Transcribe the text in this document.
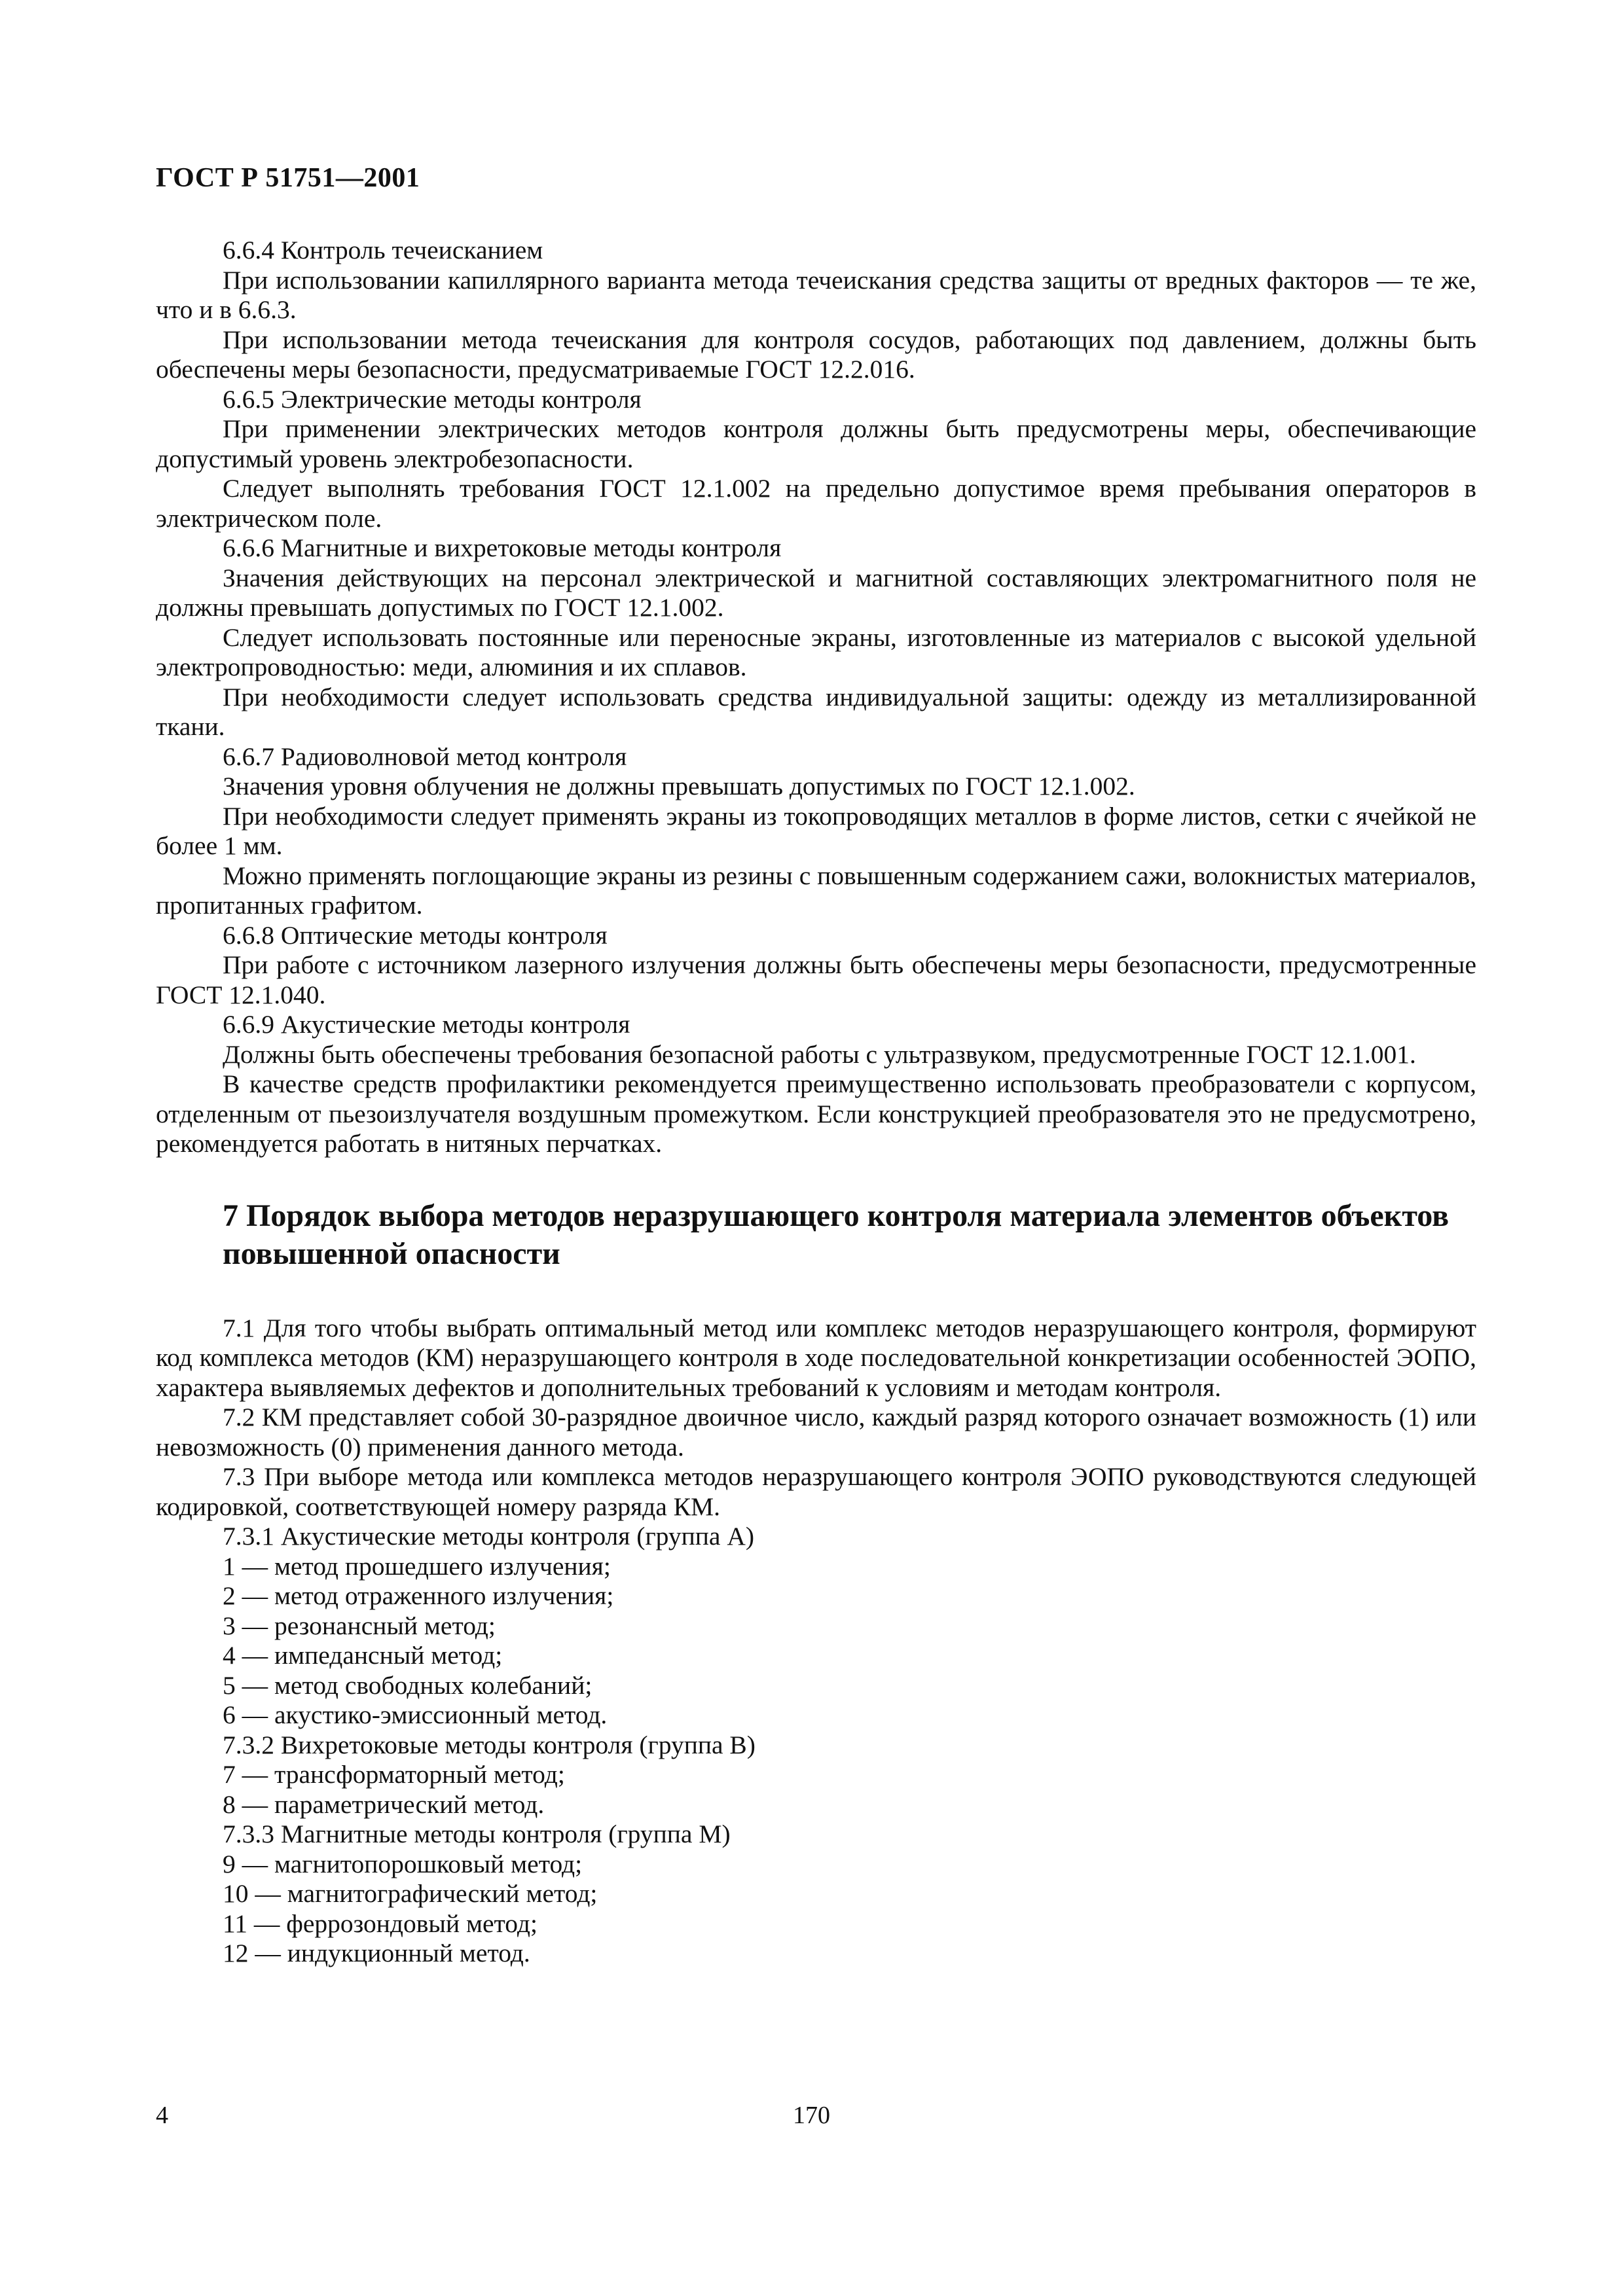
ГОСТ Р 51751—2001

6.6.4 Контроль течеисканием

При использовании капиллярного варианта метода течеискания средства защиты от вредных факторов — те же, что и в 6.6.3.

При использовании метода течеискания для контроля сосудов, работающих под давлением, должны быть обеспечены меры безопасности, предусматриваемые ГОСТ 12.2.016.

6.6.5 Электрические методы контроля

При применении электрических методов контроля должны быть предусмотрены меры, обеспечивающие допустимый уровень электробезопасности.

Следует выполнять требования ГОСТ 12.1.002 на предельно допустимое время пребывания операторов в электрическом поле.

6.6.6 Магнитные и вихретоковые методы контроля

Значения действующих на персонал электрической и магнитной составляющих электромагнитного поля не должны превышать допустимых по ГОСТ 12.1.002.

Следует использовать постоянные или переносные экраны, изготовленные из материалов с высокой удельной электропроводностью: меди, алюминия и их сплавов.

При необходимости следует использовать средства индивидуальной защиты: одежду из металлизированной ткани.

6.6.7 Радиоволновой метод контроля

Значения уровня облучения не должны превышать допустимых по ГОСТ 12.1.002.

При необходимости следует применять экраны из токопроводящих металлов в форме листов, сетки с ячейкой не более 1 мм.

Можно применять поглощающие экраны из резины с повышенным содержанием сажи, волокнистых материалов, пропитанных графитом.

6.6.8 Оптические методы контроля

При работе с источником лазерного излучения должны быть обеспечены меры безопасности, предусмотренные ГОСТ 12.1.040.

6.6.9 Акустические методы контроля

Должны быть обеспечены требования безопасной работы с ультразвуком, предусмотренные ГОСТ 12.1.001.

В качестве средств профилактики рекомендуется преимущественно использовать преобразователи с корпусом, отделенным от пьезоизлучателя воздушным промежутком. Если конструкцией преобразователя это не предусмотрено, рекомендуется работать в нитяных перчатках.

7 Порядок выбора методов неразрушающего контроля материала элементов объектов повышенной опасности

7.1 Для того чтобы выбрать оптимальный метод или комплекс методов неразрушающего контроля, формируют код комплекса методов (КМ) неразрушающего контроля в ходе последовательной конкретизации особенностей ЭОПО, характера выявляемых дефектов и дополнительных требований к условиям и методам контроля.

7.2 КМ представляет собой 30-разрядное двоичное число, каждый разряд которого означает возможность (1) или невозможность (0) применения данного метода.

7.3 При выборе метода или комплекса методов неразрушающего контроля ЭОПО руководствуются следующей кодировкой, соответствующей номеру разряда КМ.

7.3.1 Акустические методы контроля (группа А)

1 — метод прошедшего излучения;

2 — метод отраженного излучения;

3 — резонансный метод;

4 — импедансный метод;

5 — метод свободных колебаний;

6 — акустико-эмиссионный метод.

7.3.2 Вихретоковые методы контроля (группа В)

7 — трансформаторный метод;

8 — параметрический метод.

7.3.3 Магнитные методы контроля (группа М)

9 — магнитопорошковый метод;

10 — магнитографический метод;

11 — феррозондовый метод;

12 — индукционный метод.

4	170
